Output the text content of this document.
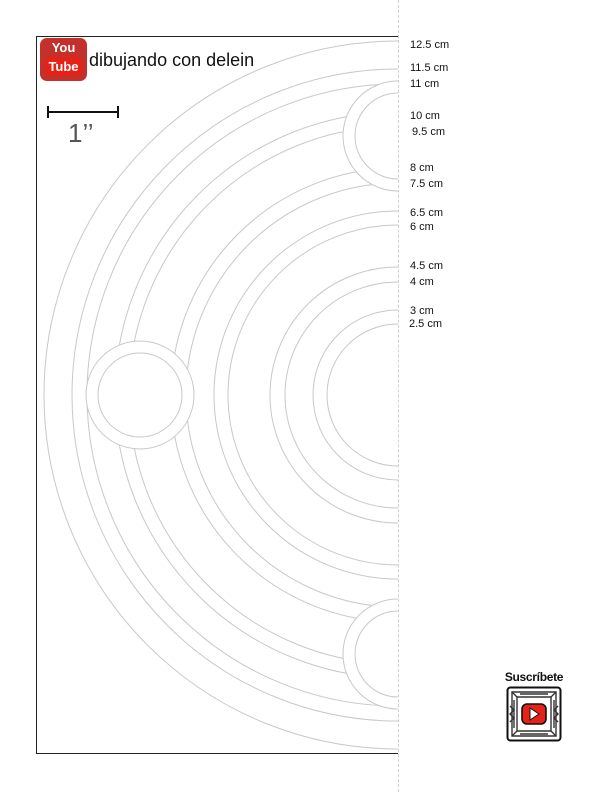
12.5 cm
11.5 cm
11 cm
10 cm
9.5 cm
8 cm
7.5 cm
6.5 cm
6 cm
4.5 cm
4 cm
3 cm
2.5 cm
You
Tube dibujando con delein
1’’
Suscríbete
